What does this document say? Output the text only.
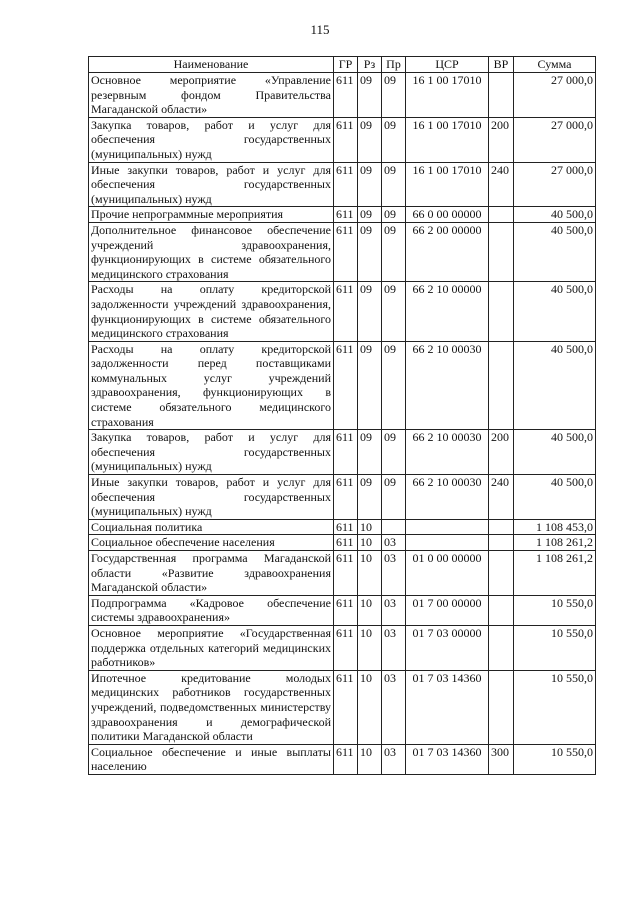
115
Наименование	ГР	Рз	Пр	ЦСР	ВР	Сумма
Основное мероприятие «Управление резервным фондом Правительства Магаданской области»	611	09	09	16 1 00 17010		27 000,0
Закупка товаров, работ и услуг для обеспечения государственных (муниципальных) нужд	611	09	09	16 1 00 17010	200	27 000,0
Иные закупки товаров, работ и услуг для обеспечения государственных (муниципальных) нужд	611	09	09	16 1 00 17010	240	27 000,0
Прочие непрограммные мероприятия	611	09	09	66 0 00 00000		40 500,0
Дополнительное финансовое обеспечение учреждений здравоохранения, функционирующих в системе обязательного медицинского страхования	611	09	09	66 2 00 00000		40 500,0
Расходы на оплату кредиторской задолженности учреждений здравоохранения, функционирующих в системе обязательного медицинского страхования	611	09	09	66 2 10 00000		40 500,0
Расходы на оплату кредиторской задолженности перед поставщиками коммунальных услуг учреждений здравоохранения, функционирующих в системе обязательного медицинского страхования	611	09	09	66 2 10 00030		40 500,0
Закупка товаров, работ и услуг для обеспечения государственных (муниципальных) нужд	611	09	09	66 2 10 00030	200	40 500,0
Иные закупки товаров, работ и услуг для обеспечения государственных (муниципальных) нужд	611	09	09	66 2 10 00030	240	40 500,0
Социальная политика	611	10				1 108 453,0
Социальное обеспечение населения	611	10	03			1 108 261,2
Государственная программа Магаданской области «Развитие здравоохранения Магаданской области»	611	10	03	01 0 00 00000		1 108 261,2
Подпрограмма «Кадровое обеспечение системы здравоохранения»	611	10	03	01 7 00 00000		10 550,0
Основное мероприятие «Государственная поддержка отдельных категорий медицинских работников»	611	10	03	01 7 03 00000		10 550,0
Ипотечное кредитование молодых медицинских работников государственных учреждений, подведомственных министерству здравоохранения и демографической политики Магаданской области	611	10	03	01 7 03 14360		10 550,0
Социальное обеспечение и иные выплаты населению	611	10	03	01 7 03 14360	300	10 550,0
